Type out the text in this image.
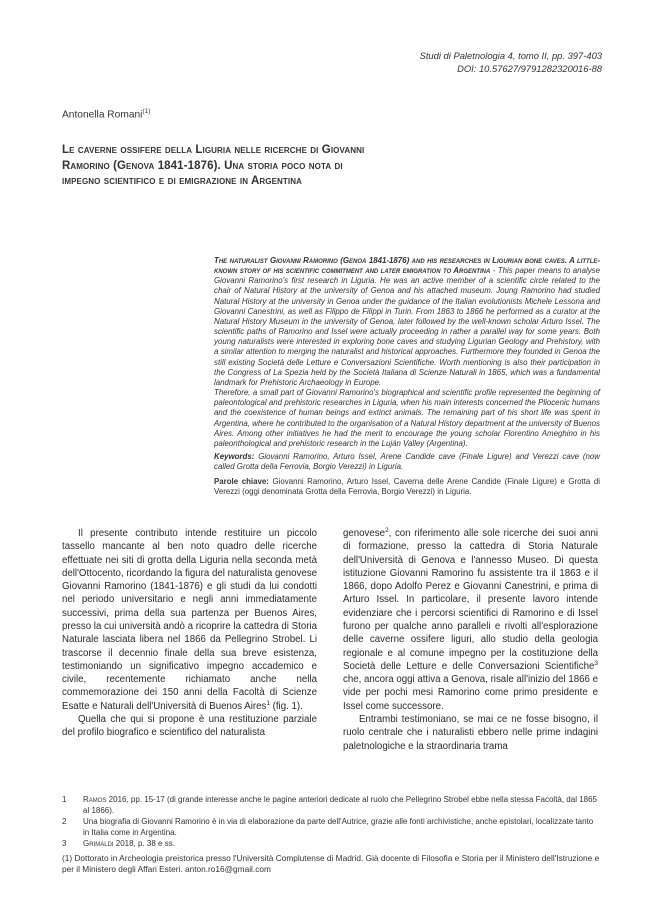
Studi di Paletnologia 4, tomo II, pp. 397-403
DOI: 10.57627/9791282320016-88
Antonella Romani$^{(1)}$
Le caverne ossifere della Liguria nelle ricerche di Giovanni
Ramorino (Genova 1841-1876). Una storia poco nota di
impegno scientifico e di emigrazione in Argentina

The naturalist Giovanni Ramorino (Genoa 1841-1876) and his researches in Ligurian bone caves. A little-known story of his scientific commitment and later emigration to Argentina - This paper means to analyse Giovanni Ramorino's first research in Liguria. He was an active member of a scientific circle related to the chair of Natural History at the university of Genoa and his attached museum. Joung Ramorino had studied Natural History at the university in Genoa under the guidance of the Italian evolutionists Michele Lessona and Giovanni Canestrini, as well as Filippo de Filippi in Turin. From 1863 to 1866 he performed as a curator at the Natural History Museum in the university of Genoa, later followed by the well-known scholar Arturo Issel. The scientific paths of Ramorino and Issel were actually proceeding in rather a parallel way for some years. Both young naturalists were interested in exploring bone caves and studying Ligurian Geology and Prehistory, with a similar attention to merging the naturalist and historical approaches. Furthermore they founded in Genoa the still existing Società delle Letture e Conversazioni Scientifiche. Worth mentioning is also their participation in the Congress of La Spezia held by the Società Italiana di Scienze Naturali in 1865, which was a fundamental landmark for Prehistoric Archaeology in Europe.

Therefore, a small part of Giovanni Ramorino's biographical and scientific profile represented the beginning of paleontological and prehistoric researches in Liguria, when his main interests concerned the Pliocenic humans and the coexistence of human beings and extinct animals. The remaining part of his short life was spent in Argentina, where he contributed to the organisation of a Natural History department at the university of Buenos Aires. Among other initiatives he had the merit to encourage the young scholar Florentino Ameghino in his paleonthological and prehistoric research in the Luján Valley (Argentina).

Keywords: Giovanni Ramorino, Arturo Issel, Arene Candide cave (Finale Ligure) and Verezzi cave (now called Grotta della Ferrovia, Borgio Verezzi) in Liguria.

Parole chiave: Giovanni Ramorino, Arturo Issel, Caverna delle Arene Candide (Finale Ligure) e Grotta di Verezzi (oggi denominata Grotta della Ferrovia, Borgio Verezzi) in Liguria.

Il presente contributo intende restituire un piccolo tassello mancante al ben noto quadro delle ricerche effettuate nei siti di grotta della Liguria nella seconda metà dell'Ottocento, ricordando la figura del naturalista genovese Giovanni Ramorino (1841-1876) e gli studi da lui condotti nel periodo universitario e negli anni immediatamente successivi, prima della sua partenza per Buenos Aires, presso la cui università andò a ricoprire la cattedra di Storia Naturale lasciata libera nel 1866 da Pellegrino Strobel. Li trascorse il decennio finale della sua breve esistenza, testimoniando un significativo impegno accademico e civile, recentemente richiamato anche nella commemorazione dei 150 anni della Facoltà di Scienze Esatte e Naturali dell'Università di Buenos Aires$^1$ (fig. 1).

Quella che qui si propone è una restituzione parziale del profilo biografico e scientifico del naturalista

genovese$^2$, con riferimento alle sole ricerche dei suoi anni di formazione, presso la cattedra di Storia Naturale dell'Università di Genova e l'annesso Museo. Di questa istituzione Giovanni Ramorino fu assistente tra il 1863 e il 1866, dopo Adolfo Perez e Giovanni Canestrini, e prima di Arturo Issel. In particolare, il presente lavoro intende evidenziare che i percorsi scientifici di Ramorino e di Issel furono per qualche anno paralleli e rivolti all'esplorazione delle caverne ossifere liguri, allo studio della geologia regionale e al comune impegno per la costituzione della Società delle Letture e delle Conversazioni Scientifiche$^3$ che, ancora oggi attiva a Genova, risale all'inizio del 1866 e vide per pochi mesi Ramorino come primo presidente e Issel come successore.

Entrambi testimoniano, se mai ce ne fosse bisogno, il ruolo centrale che i naturalisti ebbero nelle prime indagini paletnologiche e la straordinaria trama

1	Ramos 2016, pp. 15-17 (di grande interesse anche le pagine anteriori dedicate al ruolo che Pellegrino Strobel ebbe nella stessa Facoltà, dal 1865 al 1866).
2	Una biografia di Giovanni Ramorino è in via di elaborazione da parte dell'Autrice, grazie alle fonti archivistiche, anche epistolari, localizzate tanto in Italia come in Argentina.
3	Grimaldi 2018, p. 38 e ss.
(1) Dottorato in Archeologia preistorica presso l'Università Complutense di Madrid. Già docente di Filosofia e Storia per il Ministero dell'Istruzione e per il Ministero degli Affari Esteri. anton.ro16@gmail.com
